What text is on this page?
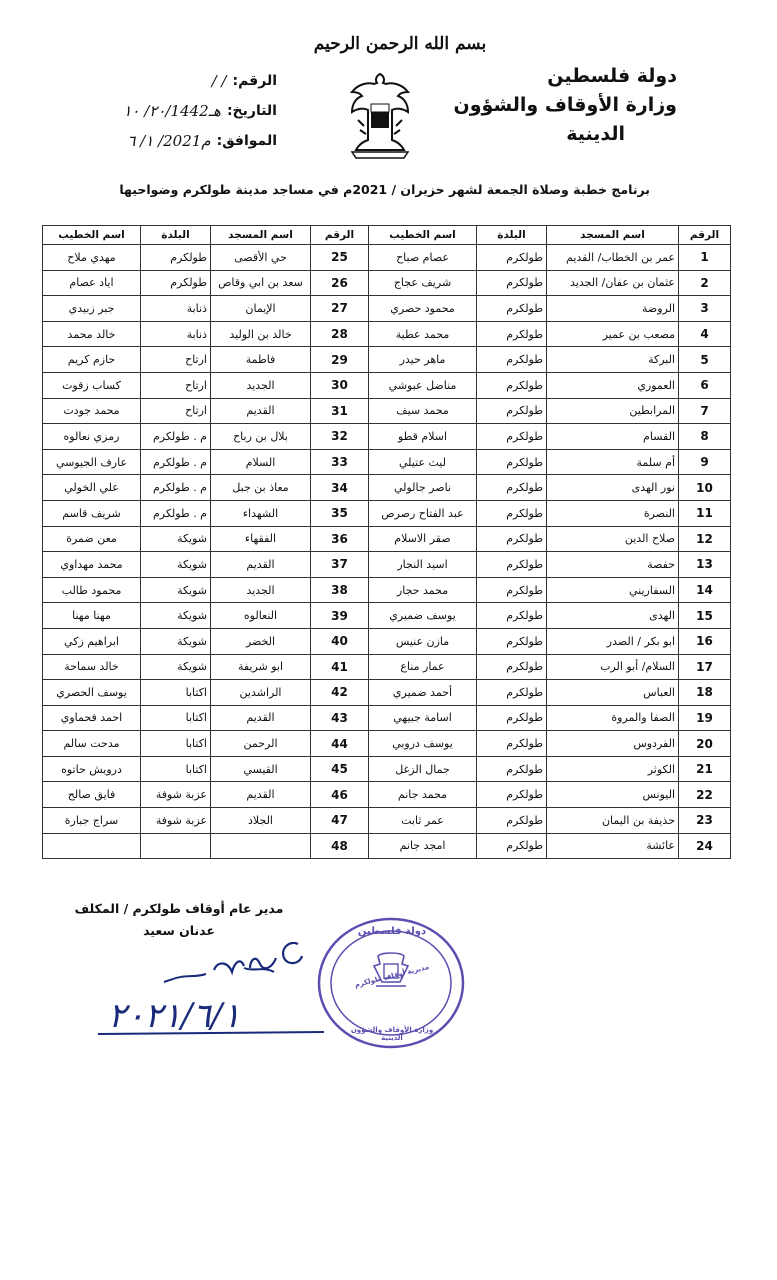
بسم الله الرحمن الرحيم
دولة فلسطين
وزارة الأوقاف والشؤون
الدينية
الرقم:
/ /
التاريخ:
٢٠/ ١٠/1442هـ
الموافق:
١/ ٦ /2021م
برنامج خطبة وصلاة الجمعة لشهر حزيران / 2021م في مساجد مدينة طولكرم وضواحيها
الرقم	اسم المسجد	البلدة	اسم الخطيب	الرقم	اسم المسجد	البلدة	اسم الخطيب
1	عمر بن الخطاب/ القديم	طولكرم	عصام صباح	25	حي الأقصى	طولكرم	مهدي ملاح
2	عثمان بن عفان/ الجديد	طولكرم	شريف عجاج	26	سعد بن ابي وقاص	طولكرم	اياد عصام
3	الروضة	طولكرم	محمود حصري	27	الإيمان	ذنابة	جبر زبيدي
4	مصعب بن عمير	طولكرم	محمد عطية	28	خالد بن الوليد	ذنابة	خالد محمد
5	البركة	طولكرم	ماهر حيدر	29	فاطمة	ارتاح	حازم كريم
6	العموري	طولكرم	مناضل عبوشي	30	الجديد	ارتاح	كساب زقوت
7	المرابطين	طولكرم	محمد سيف	31	القديم	ارتاح	محمد جودت
8	القسام	طولكرم	اسلام قطو	32	بلال بن رباح	م . طولكرم	رمزي نعالوه
9	أم سلمة	طولكرم	ليث عتيلي	33	السلام	م . طولكرم	عارف الجيوسي
10	نور الهدى	طولكرم	ناصر جالولي	34	معاذ بن جبل	م . طولكرم	علي الخولي
11	النصرة	طولكرم	عبد الفتاح رصرص	35	الشهداء	م . طولكرم	شريف قاسم
12	صلاح الدين	طولكرم	صقر الاسلام	36	الفقهاء	شويكة	معن ضمرة
13	حفصة	طولكرم	اسيد النجار	37	القديم	شويكة	محمد مهداوي
14	السفاريني	طولكرم	محمد حجار	38	الجديد	شويكة	محمود طالب
15	الهدى	طولكرم	يوسف ضميري	39	النعالوه	شويكة	مهنا مهنا
16	ابو بكر / الصدر	طولكرم	مازن عنيس	40	الخضر	شويكة	ابراهيم زكي
17	السلام/ أبو الرب	طولكرم	عمار مناع	41	ابو شريفة	شويكة	خالد سماحة
18	العباس	طولكرم	أحمد ضميري	42	الراشدين	اكتابا	يوسف الحصري
19	الصفا والمروة	طولكرم	اسامة جبيهي	43	القديم	اكتابا	احمد فحماوي
20	الفردوس	طولكرم	يوسف دروبي	44	الرحمن	اكتابا	مدحت سالم
21	الكوثر	طولكرم	جمال الزغل	45	القيسي	اكتابا	درويش حاتوه
22	اليونس	طولكرم	محمد جانم	46	القديم	عزبة شوفة	فايق صالح
23	حذيفة بن اليمان	طولكرم	عمر ثابت	47	الجلاد	عزبة شوفة	سراج جبارة
24	عائشة	طولكرم	امجد جانم	48			
مدير عام أوقاف طولكرم / المكلف
عدنان سعيد
٢٠٢١/٦/١
دولة فلسطين
مديرية أوقاف طولكرم
وزارة الأوقاف والشؤون الدينية
